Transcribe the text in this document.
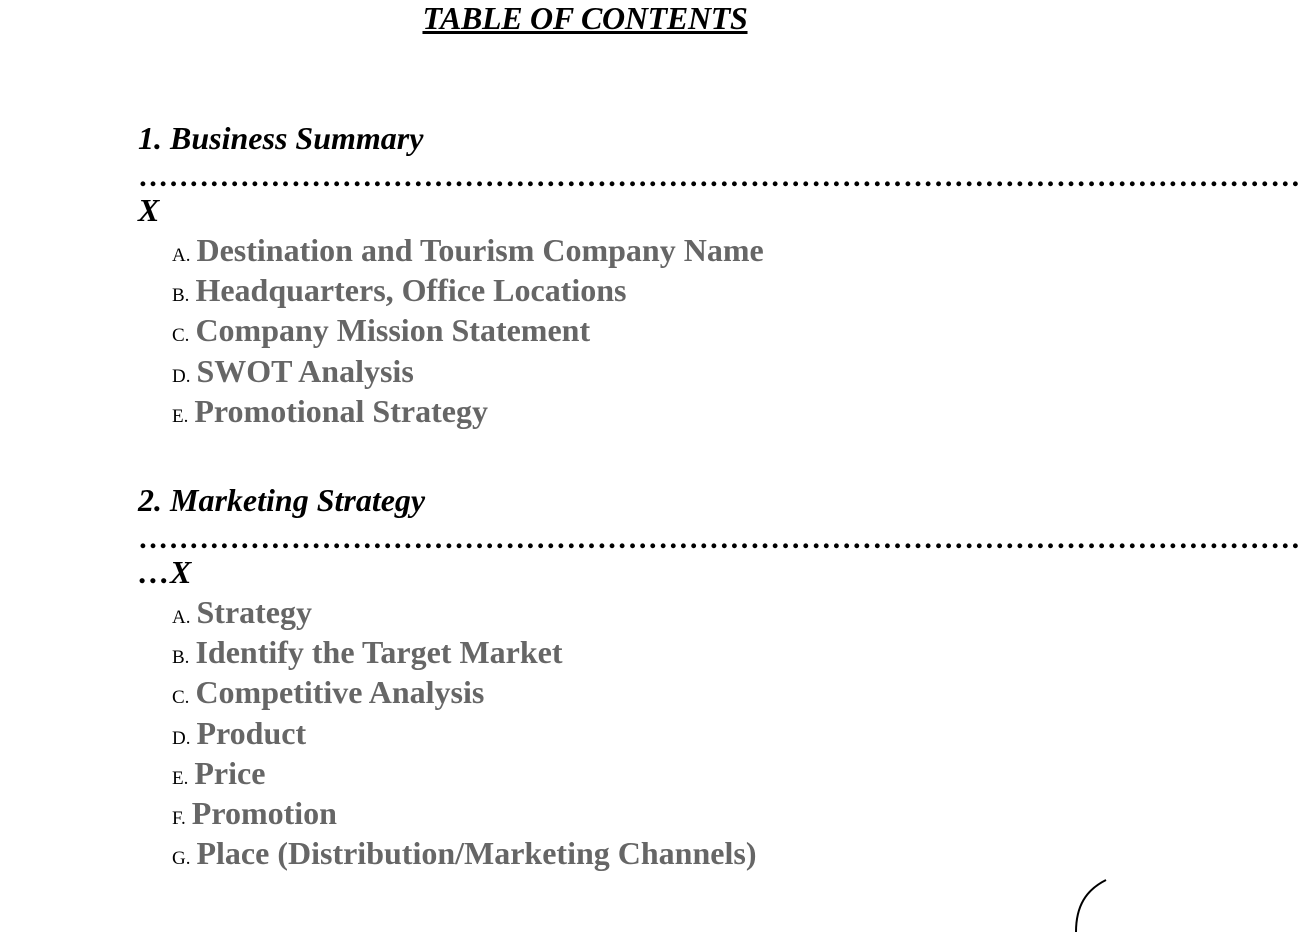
TABLE OF CONTENTS
1. Business Summary
……………………………………………………………………………………………………
X
A. Destination and Tourism Company Name
B. Headquarters, Office Locations
C. Company Mission Statement
D. SWOT Analysis
E. Promotional Strategy
2. Marketing Strategy
……………………………………………………………………………………………………
…X
A. Strategy
B. Identify the Target Market
C. Competitive Analysis
D. Product
E. Price
F. Promotion
G. Place (Distribution/Marketing Channels)
